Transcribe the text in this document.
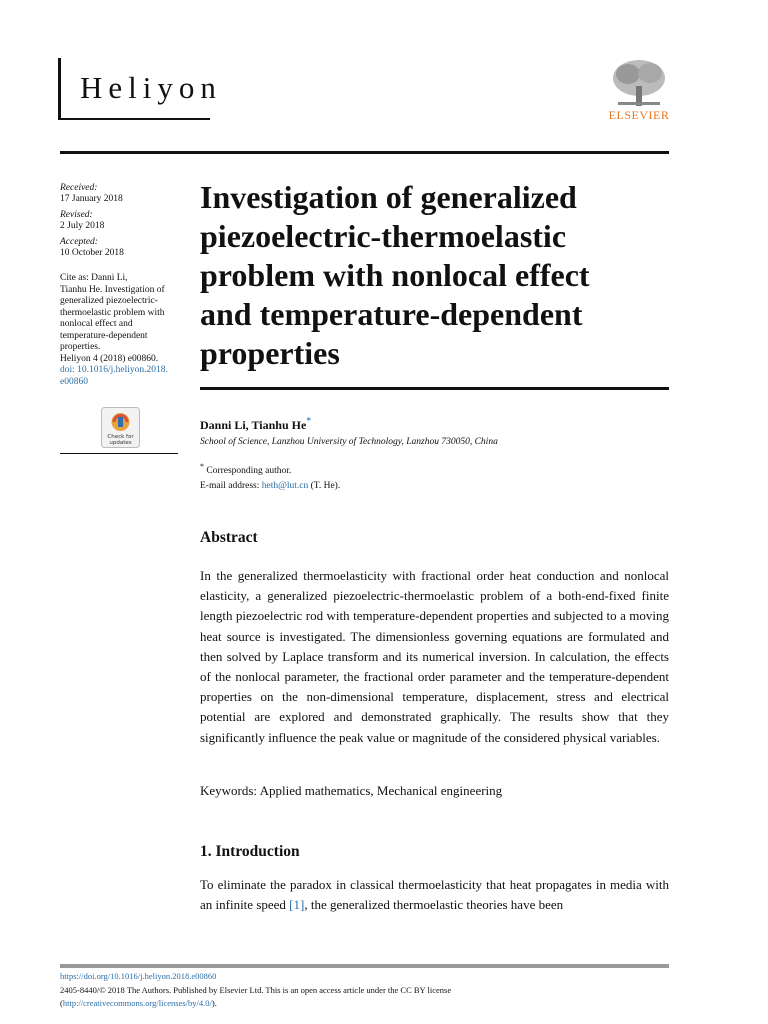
Heliyon
ELSEVIER
Received:
17 January 2018
Revised:
2 July 2018
Accepted:
10 October 2018
Cite as: Danni Li,
Tianhu He. Investigation of
generalized piezoelectric-
thermoelastic problem with
nonlocal effect and
temperature-dependent
properties.
Heliyon 4 (2018) e00860.
doi: 10.1016/j.heliyon.2018.
e00860
Check for
updates
Investigation of generalized
piezoelectric-thermoelastic
problem with nonlocal effect
and temperature-dependent
properties
Danni Li, Tianhu He*
School of Science, Lanzhou University of Technology, Lanzhou 730050, China
* Corresponding author.
E-mail address: heth@lut.cn (T. He).
Abstract
In the generalized thermoelasticity with fractional order heat conduction and nonlocal elasticity, a generalized piezoelectric-thermoelastic problem of a both-end-fixed finite length piezoelectric rod with temperature-dependent properties and subjected to a moving heat source is investigated. The dimensionless governing equations are formulated and then solved by Laplace transform and its numerical inversion. In calculation, the effects of the nonlocal parameter, the fractional order parameter and the temperature-dependent properties on the non-dimensional temperature, displacement, stress and electrical potential are explored and demonstrated graphically. The results show that they significantly influence the peak value or magnitude of the considered physical variables.
Keywords: Applied mathematics, Mechanical engineering
1. Introduction
To eliminate the paradox in classical thermoelasticity that heat propagates in media with an infinite speed [1], the generalized thermoelastic theories have been
https://doi.org/10.1016/j.heliyon.2018.e00860
2405-8440/© 2018 The Authors. Published by Elsevier Ltd. This is an open access article under the CC BY license
(http://creativecommons.org/licenses/by/4.0/).
